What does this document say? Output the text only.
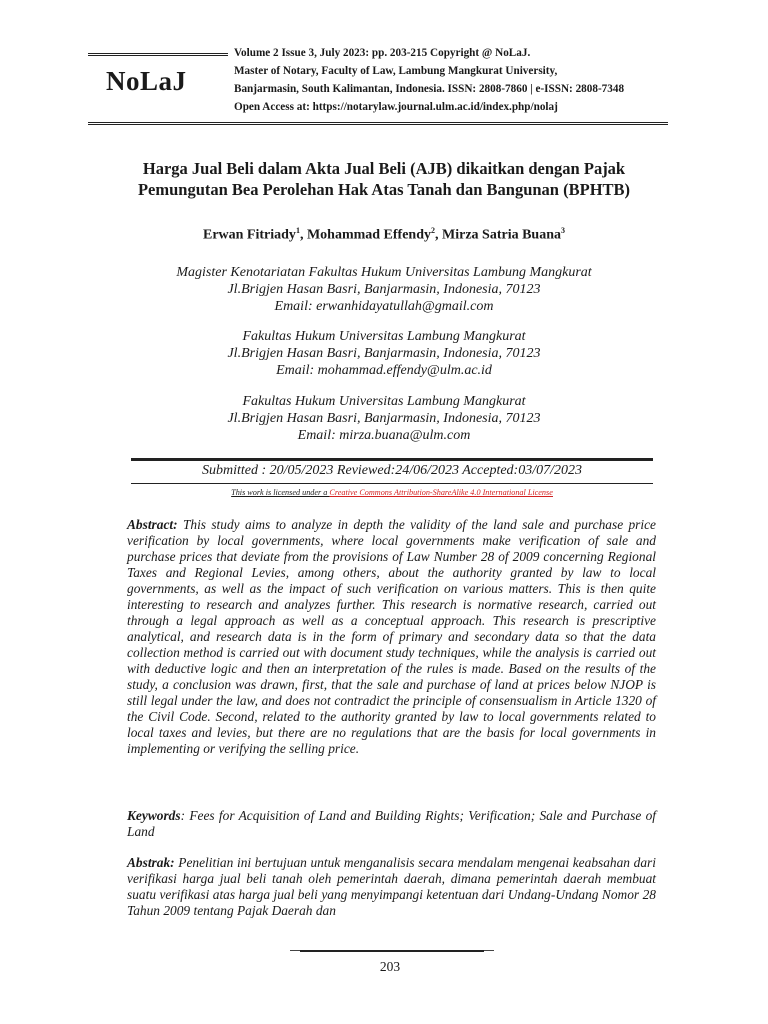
NoLaJ
Volume 2 Issue 3, July 2023: pp. 203-215 Copyright @ NoLaJ.
Master of Notary, Faculty of Law, Lambung Mangkurat University,
Banjarmasin, South Kalimantan, Indonesia. ISSN: 2808-7860 | e-ISSN: 2808-7348
Open Access at: https://notarylaw.journal.ulm.ac.id/index.php/nolaj
Harga Jual Beli dalam Akta Jual Beli (AJB) dikaitkan dengan Pajak
Pemungutan Bea Perolehan Hak Atas Tanah dan Bangunan (BPHTB)
Erwan Fitriady$^1$, Mohammad Effendy$^2$, Mirza Satria Buana$^3$
Magister Kenotariatan Fakultas Hukum Universitas Lambung Mangkurat
Jl.Brigjen Hasan Basri, Banjarmasin, Indonesia, 70123
Email: erwanhidayatullah@gmail.com
Fakultas Hukum Universitas Lambung Mangkurat
Jl.Brigjen Hasan Basri, Banjarmasin, Indonesia, 70123
Email: mohammad.effendy@ulm.ac.id
Fakultas Hukum Universitas Lambung Mangkurat
Jl.Brigjen Hasan Basri, Banjarmasin, Indonesia, 70123
Email: mirza.buana@ulm.com
Submitted : 20/05/2023 Reviewed:24/06/2023 Accepted:03/07/2023
This work is licensed under a Creative Commons Attribution-ShareAlike 4.0 International License
Abstract: This study aims to analyze in depth the validity of the land sale and purchase price verification by local governments, where local governments make verification of sale and purchase prices that deviate from the provisions of Law Number 28 of 2009 concerning Regional Taxes and Regional Levies, among others, about the authority granted by law to local governments, as well as the impact of such verification on various matters. This is then quite interesting to research and analyzes further. This research is normative research, carried out through a legal approach as well as a conceptual approach. This research is prescriptive analytical, and research data is in the form of primary and secondary data so that the data collection method is carried out with document study techniques, while the analysis is carried out with deductive logic and then an interpretation of the rules is made. Based on the results of the study, a conclusion was drawn, first, that the sale and purchase of land at prices below NJOP is still legal under the law, and does not contradict the principle of consensualism in Article 1320 of the Civil Code. Second, related to the authority granted by law to local governments related to local taxes and levies, but there are no regulations that are the basis for local governments in implementing or verifying the selling price.
Keywords: Fees for Acquisition of Land and Building Rights; Verification; Sale and Purchase of Land
Abstrak: Penelitian ini bertujuan untuk menganalisis secara mendalam mengenai keabsahan dari verifikasi harga jual beli tanah oleh pemerintah daerah, dimana pemerintah daerah membuat suatu verifikasi atas harga jual beli yang menyimpangi ketentuan dari Undang-Undang Nomor 28 Tahun 2009 tentang Pajak Daerah dan
203
